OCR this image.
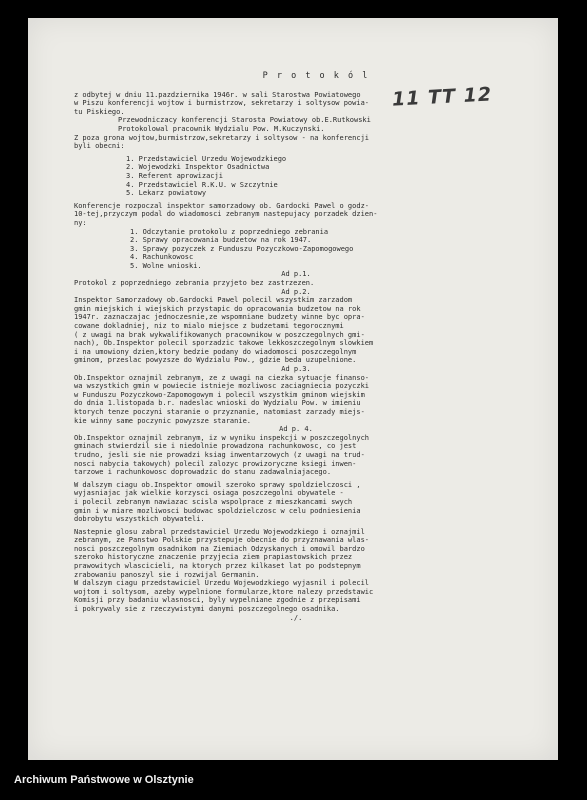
11 ТТ 12
P r o t o k ó l

z odbytej w dniu 11.pazdziernika 1946r. w sali Starostwa Powiatowego

w Piszu konferencji wojtow i burmistrzow, sekretarzy i soltysow powia-

tu Piskiego.

Przewodniczacy konferencji Starosta Powiatowy ob.E.Rutkowski

Protokolowal pracownik Wydzialu Pow. M.Kuczynski.

Z poza grona wojtow,burmistrzow,sekretarzy i soltysow - na konferencji

byli obecni:

1. Przedstawiciel Urzedu Wojewodzkiego

2. Wojewodzki Inspektor Osadnictwa

3. Referent aprowizacji

4. Przedstawiciel R.K.U. w Szczytnie

5. Lekarz powiatowy

Konferencje rozpoczal inspektor samorzadowy ob. Gardocki Pawel o godz-

10-tej,przyczym podal do wiadomosci zebranym nastepujacy porzadek dzien-

ny:

1. Odczytanie protokolu z poprzedniego zebrania

2. Sprawy opracowania budzetow na rok 1947.

3. Sprawy pozyczek z Funduszu Pozyczkowo-Zapomogowego

4. Rachunkowosc

5. Wolne wnioski.

Ad p.1.

Protokol z poprzedniego zebrania przyjeto bez zastrzezen.

Ad p.2.

Inspektor Samorzadowy ob.Gardocki Pawel polecil wszystkim zarzadom

gmin miejskich i wiejskich przystapic do opracowania budzetow na rok

1947r. zaznaczajac jednoczesnie,ze wspomniane budzety winne byc opra-

cowane dokladniej, niz to mialo miejsce z budzetami tegorocznymi

( z uwagi na brak wykwalifikowanych pracownikow w poszczegolnych gmi-

nach), Ob.Inspektor polecil sporzadzic takowe lekkoszczegolnym slowkiem

i na umowiony dzien,ktory bedzie podany do wiadomosci poszczegolnym

gminom, przeslac powyzsze do Wydzialu Pow., gdzie beda uzupelnione.

Ad p.3.

Ob.Inspektor oznajmil zebranym, ze z uwagi na ciezka sytuacje finanso-

wa wszystkich gmin w powiecie istnieje mozliwosc zaciagniecia pozyczki

w Funduszu Pozyczkowo-Zapomogowym i polecil wszystkim gminom wiejskim

do dnia 1.listopada b.r. nadeslac wnioski do Wydzialu Pow. w imieniu

ktorych tenze poczyni staranie o przyznanie, natomiast zarzady miejs-

kie winny same poczynic powyzsze staranie.

Ad p. 4.

Ob.Inspektor oznajmil zebranym, iz w wyniku inspekcji w poszczegolnych

gminach stwierdzil sie i niedolnie prowadzona rachunkowosc, co jest

trudno, jesli sie nie prowadzi ksiag inwentarzowych (z uwagi na trud-

nosci nabycia takowych) polecil zalozyc prowizoryczne ksiegi inwen-

tarzowe i rachunkowosc doprowadzic do stanu zadawalniajacego.

W dalszym ciagu ob.Inspektor omowil szeroko sprawy spoldzielczosci ,

wyjasniajac jak wielkie korzysci osiaga poszczegolni obywatele -

i polecil zebranym nawiazac scisla wspolprace z mieszkancami swych

gmin i w miare mozliwosci budowac spoldzielczosc w celu podniesienia

dobrobytu wszystkich obywateli.

Nastepnie glosu zabral przedstawiciel Urzedu Wojewodzkiego i oznajmil

zebranym, ze Panstwo Polskie przystepuje obecnie do przyznawania wlas-

nosci poszczegolnym osadnikom na Ziemiach Odzyskanych i omowil bardzo

szeroko historyczne znaczenie przyjecia ziem prapiastowskich przez

prawowitych wlascicieli, na ktorych przez kilkaset lat po podstepnym

zrabowaniu panoszyl sie i rozwijal Germanin.

W dalszym ciagu przedstawiciel Urzedu Wojewodzkiego wyjasnil i polecil

wojtom i soltysom, azeby wypelnione formularze,ktore nalezy przedstawic

Komisji przy badaniu wlasnosci, byly wypelniane zgodnie z przepisami

i pokrywaly sie z rzeczywistymi danymi poszczegolnego osadnika.

./.

Archiwum Państwowe w Olsztynie
